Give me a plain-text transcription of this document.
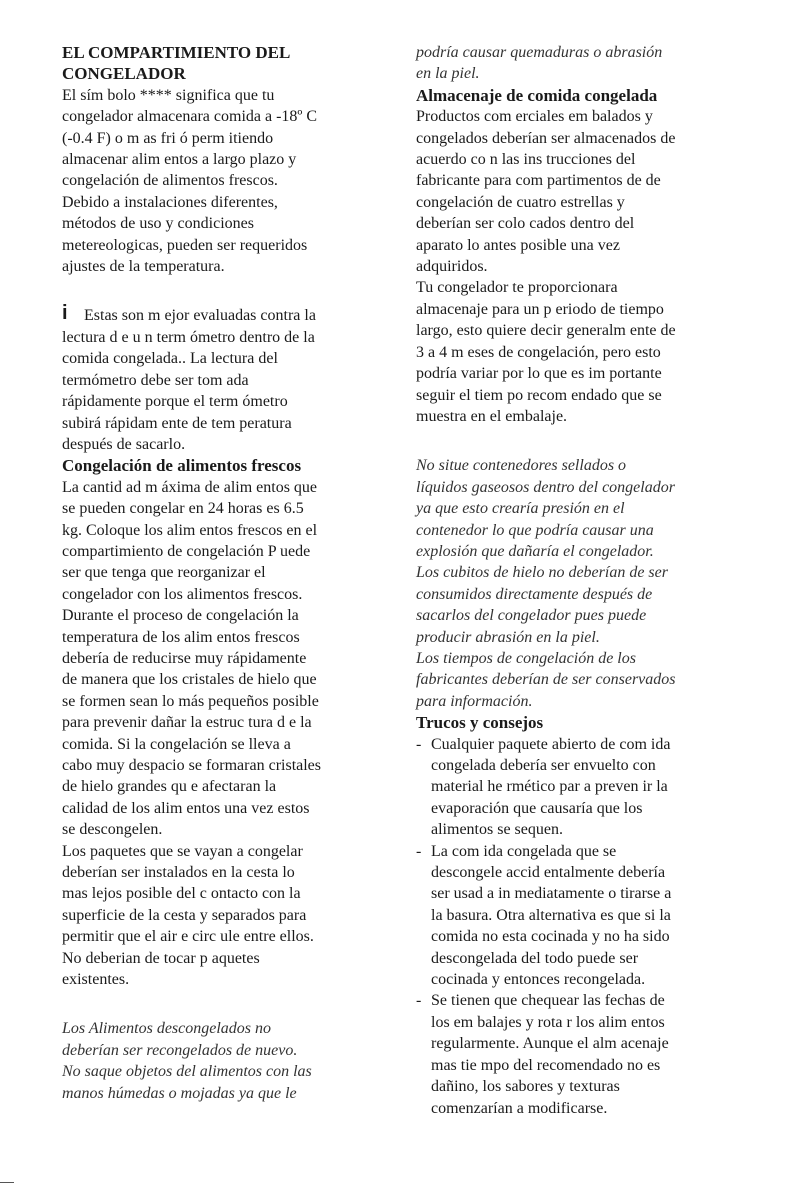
EL COMPARTIMIENTO DEL
CONGELADOR
El sím bolo **** significa que tu
congelador almacenara comida a -18º C
(-0.4 F) o m as fri ó perm itiendo
almacenar alim entos a largo plazo y
congelación de alimentos frescos.
Debido a instalaciones diferentes,
métodos de uso y condiciones
metereologicas, pueden ser requeridos
ajustes de la temperatura.
i Estas son m ejor evaluadas contra la
lectura d e u n term ómetro dentro de la
comida congelada.. La lectura del
termómetro debe ser tom ada
rápidamente porque el term ómetro
subirá rápidam ente de tem peratura
después de sacarlo.
Congelación de alimentos frescos
La cantid ad m áxima de alim entos que
se pueden congelar en 24 horas es 6.5
kg. Coloque los alim entos frescos en el
compartimiento de congelación P uede
ser que tenga que reorganizar el
congelador con los alimentos frescos.
Durante el proceso de congelación la
temperatura de los alim entos frescos
debería de reducirse muy rápidamente
de manera que los cristales de hielo que
se formen sean lo más pequeños posible
para prevenir dañar la estruc tura d e la
comida. Si la congelación se lleva a
cabo muy despacio se formaran cristales
de hielo grandes qu e afectaran la
calidad de los alim entos una vez estos
se descongelen.
Los paquetes que se vayan a congelar
deberían ser instalados en la cesta lo
mas lejos posible del c ontacto con la
superficie de la cesta y separados para
permitir que el air e circ ule entre ellos.
No deberian de tocar p aquetes
existentes.
Los Alimentos descongelados no
deberían ser recongelados de nuevo.
No saque objetos del alimentos con las
manos húmedas o mojadas ya que le
podría causar quemaduras o abrasión
en la piel.
Almacenaje de comida congelada
Productos com erciales em balados y
congelados deberían ser almacenados de
acuerdo co n las ins trucciones del
fabricante para com partimentos de de
congelación de cuatro estrellas y
deberían ser colo cados dentro del
aparato lo antes posible una vez
adquiridos.
Tu congelador te proporcionara
almacenaje para un p eriodo de tiempo
largo, esto quiere decir generalm ente de
3 a 4 m eses de congelación, pero esto
podría variar por lo que es im portante
seguir el tiem po recom endado que se
muestra en el embalaje.
No situe contenedores sellados o
líquidos gaseosos dentro del congelador
ya que esto crearía presión en el
contenedor lo que podría causar una
explosión que dañaría el congelador.
Los cubitos de hielo no deberían de ser
consumidos directamente después de
sacarlos del congelador pues puede
producir abrasión en la piel.
Los tiempos de congelación de los
fabricantes deberían de ser conservados
para información.
Trucos y consejos
- Cualquier paquete abierto de com ida
congelada debería ser envuelto con
material he rmético par a preven ir la
evaporación que causaría que los
alimentos se sequen.
- La com ida congelada que se
descongele accid entalmente debería
ser usad a in mediatamente o tirarse a
la basura. Otra alternativa es que si la
comida no esta cocinada y no ha sido
descongelada del todo puede ser
cocinada y entonces recongelada.
- Se tienen que chequear las fechas de
los em balajes y rota r los alim entos
regularmente. Aunque el alm acenaje
mas tie mpo del recomendado no es
dañino, los sabores y texturas
comenzarían a modificarse.
